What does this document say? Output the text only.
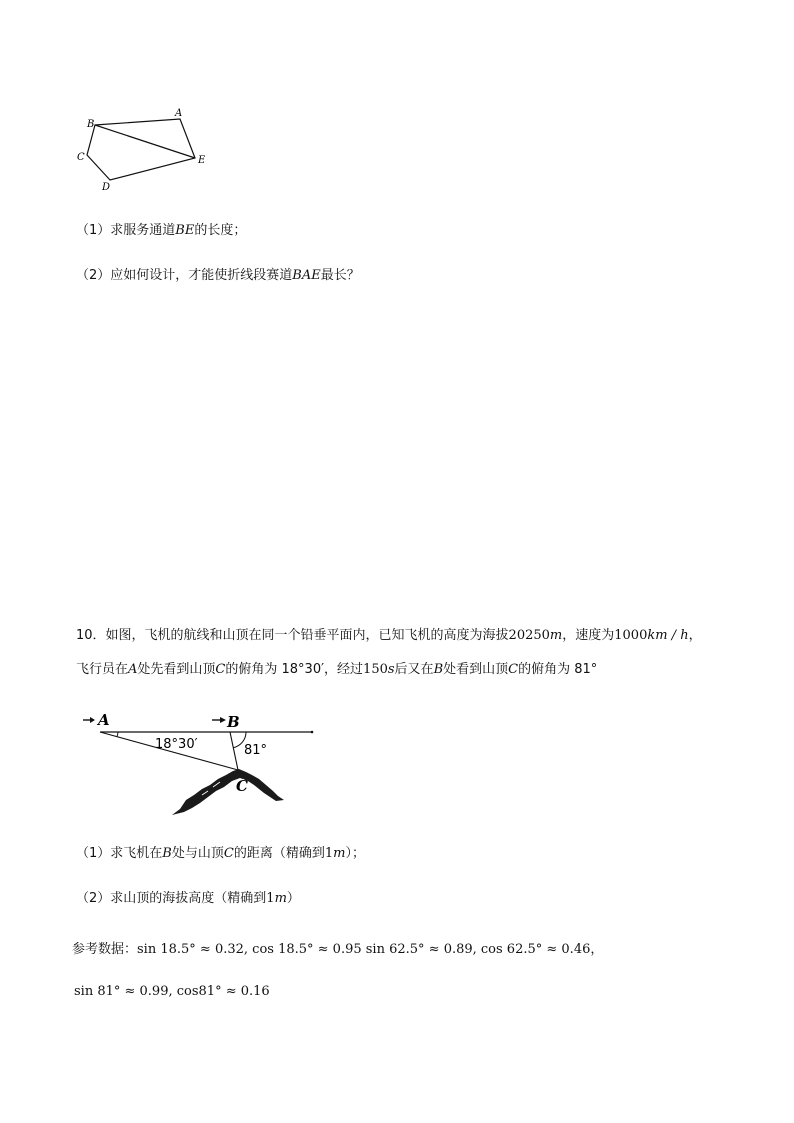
A
B
C
D
E
（1）求服务通道BE的长度；
（2）应如何设计，才能使折线段赛道BAE最长？
10．如图，飞机的航线和山顶在同一个铅垂平面内，已知飞机的高度为海拔20250m，速度为1000km / h，
飞行员在A处先看到山顶C的俯角为 18°30′，经过150s后又在B处看到山顶C的俯角为 81°
A	B
18°30′	81°
C
（1）求飞机在B处与山顶C的距离（精确到1m）；
（2）求山顶的海拔高度（精确到1m）
参考数据：sin 18.5° ≈ 0.32, cos 18.5° ≈ 0.95 sin 62.5° ≈ 0.89, cos 62.5° ≈ 0.46，
sin 81° ≈ 0.99, cos81° ≈ 0.16
